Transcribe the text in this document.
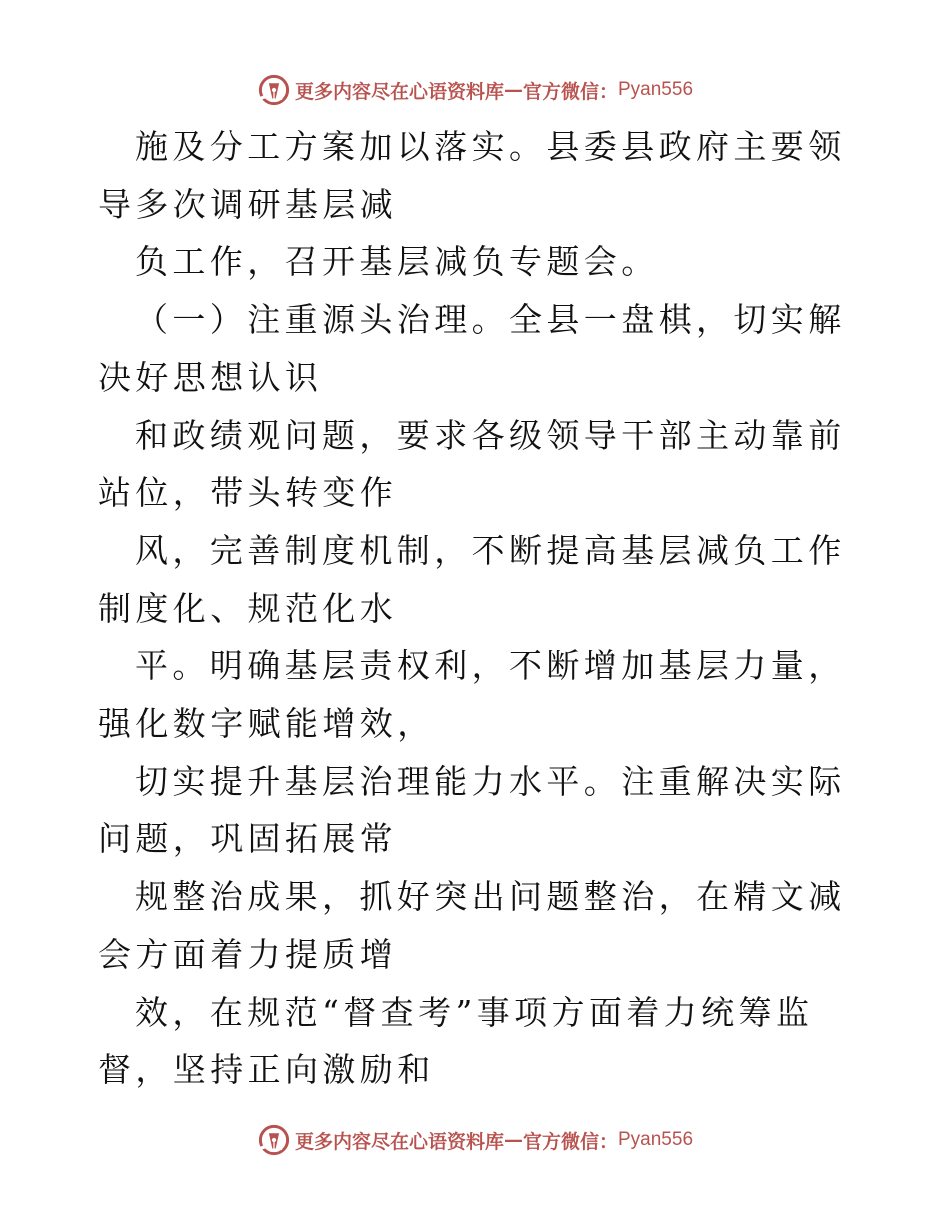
更多内容尽在心语资料库 — 官方微信： Pyan556

施及分工方案加以落实。县委县政府主要领导多次调研基层减

负工作，召开基层减负专题会。

（一）注重源头治理。全县一盘棋，切实解决好思想认识

和政绩观问题，要求各级领导干部主动靠前站位，带头转变作

风，完善制度机制，不断提高基层减负工作制度化、规范化水

平。明确基层责权利，不断增加基层力量，强化数字赋能增效，

切实提升基层治理能力水平。注重解决实际问题，巩固拓展常

规整治成果，抓好突出问题整治，在精文减会方面着力提质增

效，在规范“督查考”事项方面着力统筹监督，坚持正向激励和

更多内容尽在心语资料库 — 官方微信： Pyan556
